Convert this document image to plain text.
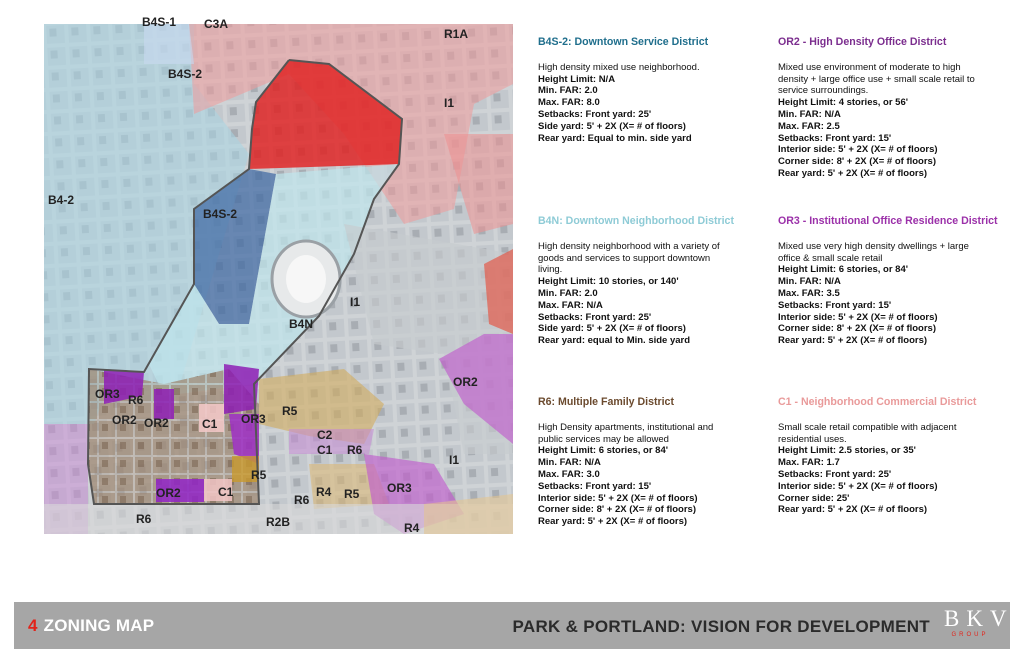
B4S-1 C3A
R1A
B4S-2
I1
B4-2
B4S-2
I1
B4N
OR2
OR3 R6
OR2 OR2	C1 OR3
R5
C2
C1 R6
I1
R5
C1
OR2	R6
R4 R5 OR3
R6	R2B	R4
B4S-2: Downtown Service District

High density mixed use neighborhood.

Height Limit: N/A
Min. FAR: 2.0
Max. FAR: 8.0
Setbacks: Front yard: 25'
Side yard: 5' + 2X (X= # of floors)
Rear yard: Equal to min. side yard

OR2 - High Density Office District

Mixed use environment of moderate to high
density + large office use + small scale retail to
service surroundings.

Height Limit: 4 stories, or 56'
Min. FAR: N/A
Max. FAR: 2.5
Setbacks: Front yard: 15'
Interior side: 5' + 2X (X= # of floors)
Corner side: 8' + 2X (X= # of floors)
Rear yard: 5' + 2X (X= # of floors)

B4N: Downtown Neighborhood District

High density neighborhood with a variety of
goods and services to support downtown
living.

Height Limit: 10 stories, or 140'
Min. FAR: 2.0
Max. FAR: N/A
Setbacks: Front yard: 25'
Side yard: 5' + 2X (X= # of floors)
Rear yard: equal to Min. side yard

OR3 - Institutional Office Residence District

Mixed use very high density dwellings + large
office & small scale retail

Height Limit: 6 stories, or 84'
Min. FAR: N/A
Max. FAR: 3.5
Setbacks: Front yard: 15'
Interior side: 5' + 2X (X= # of floors)
Corner side: 8' + 2X (X= # of floors)
Rear yard: 5' + 2X (X= # of floors)

R6: Multiple Family District

High Density apartments, institutional and
public services may be allowed

Height Limit: 6 stories, or 84'
Min. FAR: N/A
Max. FAR: 3.0
Setbacks: Front yard: 15'
Interior side: 5' + 2X (X= # of floors)
Corner side: 8' + 2X (X= # of floors)
Rear yard: 5' + 2X (X= # of floors)

C1 - Neighborhood Commercial District

Small scale retail compatible with adjacent
residential uses.

Height Limit: 2.5 stories, or 35'
Max. FAR: 1.7
Setbacks: Front yard: 25'
Interior side: 5' + 2X (X= # of floors)
Corner side: 25'
Rear yard: 5' + 2X (X= # of floors)

4 ZONING MAP	PARK & PORTLAND: VISION FOR DEVELOPMENT BKV
GROUP
